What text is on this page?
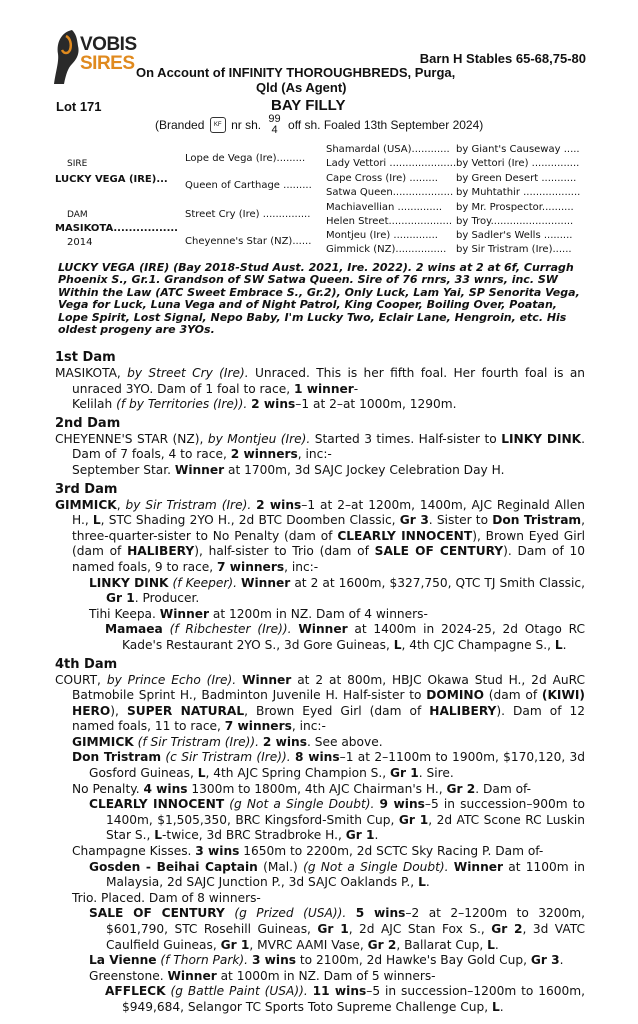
VOBIS
SIRES	Barn H Stables 65-68,75-80
On Account of INFINITY THOROUGHBREDS, Purga,
Qld (As Agent)
Lot 171	BAY FILLY
(Branded KF nr sh. 99
4 off sh. Foaled 13th September 2024)
SIRE
LUCKY VEGA (IRE)...
DAM
MASIKOTA.................
2014
Lope de Vega (Ire).........
Queen of Carthage .........
Street Cry (Ire) ...............
Cheyenne's Star (NZ)......
Shamardal (USA)............
Lady Vettori .....................
Cape Cross (Ire) .........
Satwa Queen...................
Machiavellian ..............
Helen Street....................
Montjeu (Ire) ..............
Gimmick (NZ)................
by Giant's Causeway .....
by Vettori (Ire) ...............
by Green Desert ...........
by Muhtathir ..................
by Mr. Prospector..........
by Troy..........................
by Sadler's Wells .........
by Sir Tristram (Ire)......
LUCKY VEGA (IRE) (Bay 2018-Stud Aust. 2021, Ire. 2022). 2 wins at 2 at 6f, Curragh Phoenix S., Gr.1. Grandson of SW Satwa Queen. Sire of 76 rnrs, 33 wnrs, inc. SW Within the Law (ATC Sweet Embrace S., Gr.2), Only Luck, Lam Yai, SP Senorita Vega, Vega for Luck, Luna Vega and of Night Patrol, King Cooper, Boiling Over, Poatan, Lope Spirit, Lost Signal, Nepo Baby, I'm Lucky Two, Eclair Lane, Hengroin, etc. His oldest progeny are 3YOs.
1st Dam
MASIKOTA, by Street Cry (Ire). Unraced. This is her fifth foal. Her fourth foal is an unraced 3YO. Dam of 1 foal to race, 1 winner-
Kelilah (f by Territories (Ire)). 2 wins–1 at 2–at 1000m, 1290m.
2nd Dam
CHEYENNE'S STAR (NZ), by Montjeu (Ire). Started 3 times. Half-sister to LINKY DINK. Dam of 7 foals, 4 to race, 2 winners, inc:-
September Star. Winner at 1700m, 3d SAJC Jockey Celebration Day H.
3rd Dam
GIMMICK, by Sir Tristram (Ire). 2 wins–1 at 2–at 1200m, 1400m, AJC Reginald Allen H., L, STC Shading 2YO H., 2d BTC Doomben Classic, Gr 3. Sister to Don Tristram, three-quarter-sister to No Penalty (dam of CLEARLY INNOCENT), Brown Eyed Girl (dam of HALIBERY), half-sister to Trio (dam of SALE OF CENTURY). Dam of 10 named foals, 9 to race, 7 winners, inc:-
LINKY DINK (f Keeper). Winner at 2 at 1600m, $327,750, QTC TJ Smith Classic, Gr 1. Producer.
Tihi Keepa. Winner at 1200m in NZ. Dam of 4 winners-
Mamaea (f Ribchester (Ire)). Winner at 1400m in 2024-25, 2d Otago RC Kade's Restaurant 2YO S., 3d Gore Guineas, L, 4th CJC Champagne S., L.
4th Dam
COURT, by Prince Echo (Ire). Winner at 2 at 800m, HBJC Okawa Stud H., 2d AuRC Batmobile Sprint H., Badminton Juvenile H. Half-sister to DOMINO (dam of (KIWI) HERO), SUPER NATURAL, Brown Eyed Girl (dam of HALIBERY). Dam of 12 named foals, 11 to race, 7 winners, inc:-
GIMMICK (f Sir Tristram (Ire)). 2 wins. See above.
Don Tristram (c Sir Tristram (Ire)). 8 wins–1 at 2–1100m to 1900m, $170,120, 3d Gosford Guineas, L, 4th AJC Spring Champion S., Gr 1. Sire.
No Penalty. 4 wins 1300m to 1800m, 4th AJC Chairman's H., Gr 2. Dam of-
CLEARLY INNOCENT (g Not a Single Doubt). 9 wins–5 in succession–900m to 1400m, $1,505,350, BRC Kingsford-Smith Cup, Gr 1, 2d ATC Scone RC Luskin Star S., L-twice, 3d BRC Stradbroke H., Gr 1.
Champagne Kisses. 3 wins 1650m to 2200m, 2d SCTC Sky Racing P. Dam of-
Gosden - Beihai Captain (Mal.) (g Not a Single Doubt). Winner at 1100m in Malaysia, 2d SAJC Junction P., 3d SAJC Oaklands P., L.
Trio. Placed. Dam of 8 winners-
SALE OF CENTURY (g Prized (USA)). 5 wins–2 at 2–1200m to 3200m, $601,790, STC Rosehill Guineas, Gr 1, 2d AJC Stan Fox S., Gr 2, 3d VATC Caulfield Guineas, Gr 1, MVRC AAMI Vase, Gr 2, Ballarat Cup, L.
La Vienne (f Thorn Park). 3 wins to 2100m, 2d Hawke's Bay Gold Cup, Gr 3.
Greenstone. Winner at 1000m in NZ. Dam of 5 winners-
AFFLECK (g Battle Paint (USA)). 11 wins–5 in succession–1200m to 1600m, $949,684, Selangor TC Sports Toto Supreme Challenge Cup, L.
